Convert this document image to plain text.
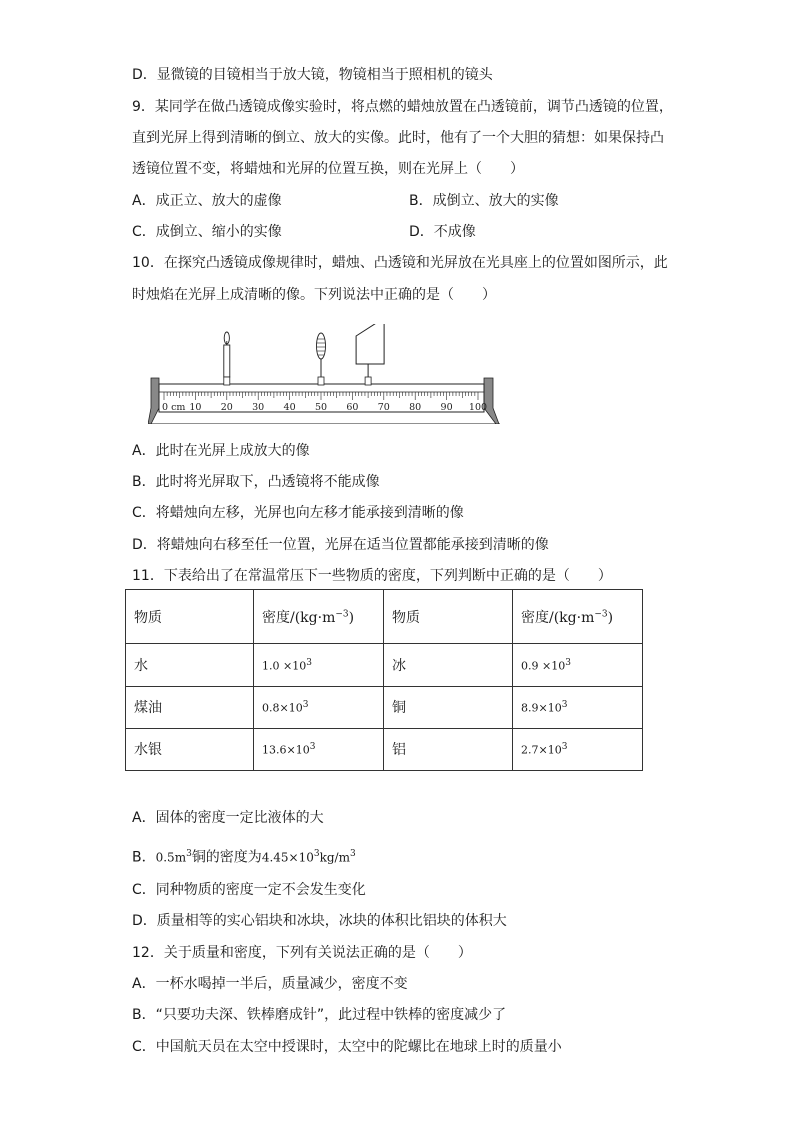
D．显微镜的目镜相当于放大镜，物镜相当于照相机的镜头
9．某同学在做凸透镜成像实验时，将点燃的蜡烛放置在凸透镜前，调节凸透镜的位置，
直到光屏上得到清晰的倒立、放大的实像。此时，他有了一个大胆的猜想：如果保持凸
透镜位置不变，将蜡烛和光屏的位置互换，则在光屏上（　　）
A．成正立、放大的虚像	B．成倒立、放大的实像
C．成倒立、缩小的实像	D．不成像
10．在探究凸透镜成像规律时，蜡烛、凸透镜和光屏放在光具座上的位置如图所示，此
时烛焰在光屏上成清晰的像。下列说法中正确的是（　　）
0 cm 10 20 30 40 50 60 70 80 90 100
A．此时在光屏上成放大的像
B．此时将光屏取下，凸透镜将不能成像
C．将蜡烛向左移，光屏也向左移才能承接到清晰的像
D．将蜡烛向右移至任一位置，光屏在适当位置都能承接到清晰的像
11．下表给出了在常温常压下一些物质的密度，下列判断中正确的是（　　）
物质	密度$/(kg\cdot m^{-3})$	物质	密度$/(kg\cdot m^{-3})$
水	$1.0 \times 10^3$	冰	$0.9 \times 10^3$
煤油	$0.8\times 10^3$	铜	$8.9\times 10^3$
水银	$13.6\times 10^3$	铝	$2.7\times 10^3$
A．固体的密度一定比液体的大
B．$0.5m^3$铜的密度为$4.45\times 10^3kg/m^3$
C．同种物质的密度一定不会发生变化
D．质量相等的实心铝块和冰块，冰块的体积比铝块的体积大
12．关于质量和密度，下列有关说法正确的是（　　）
A．一杯水喝掉一半后，质量减少，密度不变
B．“只要功夫深、铁棒磨成针”，此过程中铁棒的密度减少了
C．中国航天员在太空中授课时，太空中的陀螺比在地球上时的质量小
